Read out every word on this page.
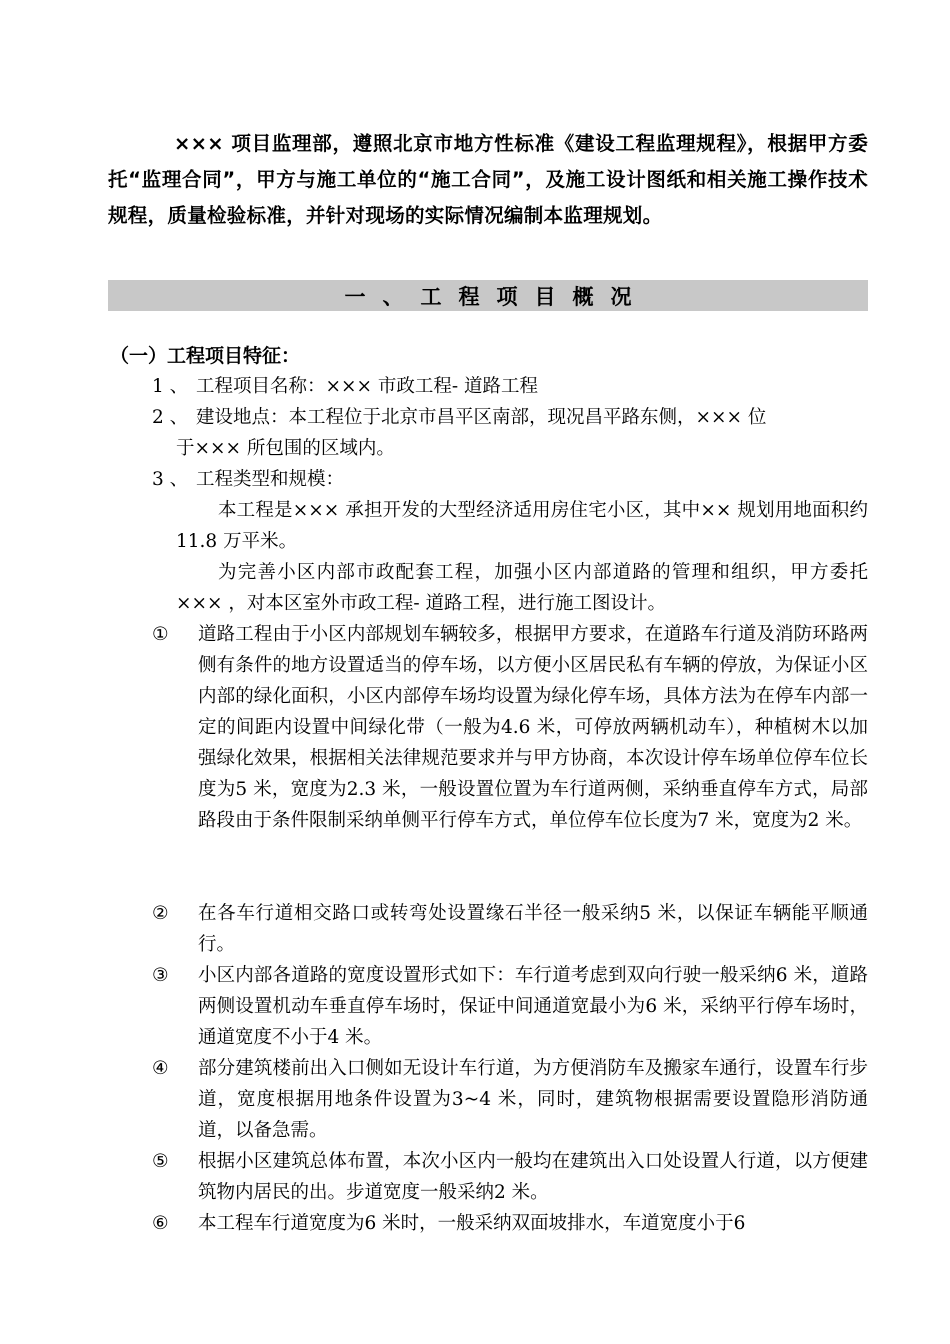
××× 项目监理部，遵照北京市地方性标准《建设工程监理规程》，根据甲方委托“监理合同”，甲方与施工单位的“施工合同”，及施工设计图纸和相关施工操作技术规程，质量检验标准，并针对现场的实际情况编制本监理规划。

一、工程项目概况
（一）工程项目特征：

1 、 工程项目名称：××× 市政工程- 道路工程

2 、 建设地点：本工程位于北京市昌平区南部，现况昌平路东侧，××× 位
于××× 所包围的区域内。

3 、 工程类型和规模：

本工程是××× 承担开发的大型经济适用房住宅小区，其中×× 规划用地面积约11.8 万平米。

为完善小区内部市政配套工程，加强小区内部道路的管理和组织，甲方委托××× ，对本区室外市政工程- 道路工程，进行施工图设计。

① 道路工程由于小区内部规划车辆较多，根据甲方要求，在道路车行道及消防环路两侧有条件的地方设置适当的停车场，以方便小区居民私有车辆的停放，为保证小区内部的绿化面积，小区内部停车场均设置为绿化停车场，具体方法为在停车内部一定的间距内设置中间绿化带（一般为4.6 米，可停放两辆机动车），种植树木以加强绿化效果，根据相关法律规范要求并与甲方协商，本次设计停车场单位停车位长度为5 米，宽度为2.3 米，一般设置位置为车行道两侧，采纳垂直停车方式，局部路段由于条件限制采纳单侧平行停车方式，单位停车位长度为7 米，宽度为2 米。
② 在各车行道相交路口或转弯处设置缘石半径一般采纳5 米，以保证车辆能平顺通行。
③ 小区内部各道路的宽度设置形式如下：车行道考虑到双向行驶一般采纳6 米，道路两侧设置机动车垂直停车场时，保证中间通道宽最小为6 米，采纳平行停车场时，通道宽度不小于4 米。
④ 部分建筑楼前出入口侧如无设计车行道，为方便消防车及搬家车通行，设置车行步道，宽度根据用地条件设置为3~4 米，同时，建筑物根据需要设置隐形消防通道，以备急需。
⑤ 根据小区建筑总体布置，本次小区内一般均在建筑出入口处设置人行道，以方便建筑物内居民的出。步道宽度一般采纳2 米。
⑥ 本工程车行道宽度为6 米时，一般采纳双面坡排水，车道宽度小于6
